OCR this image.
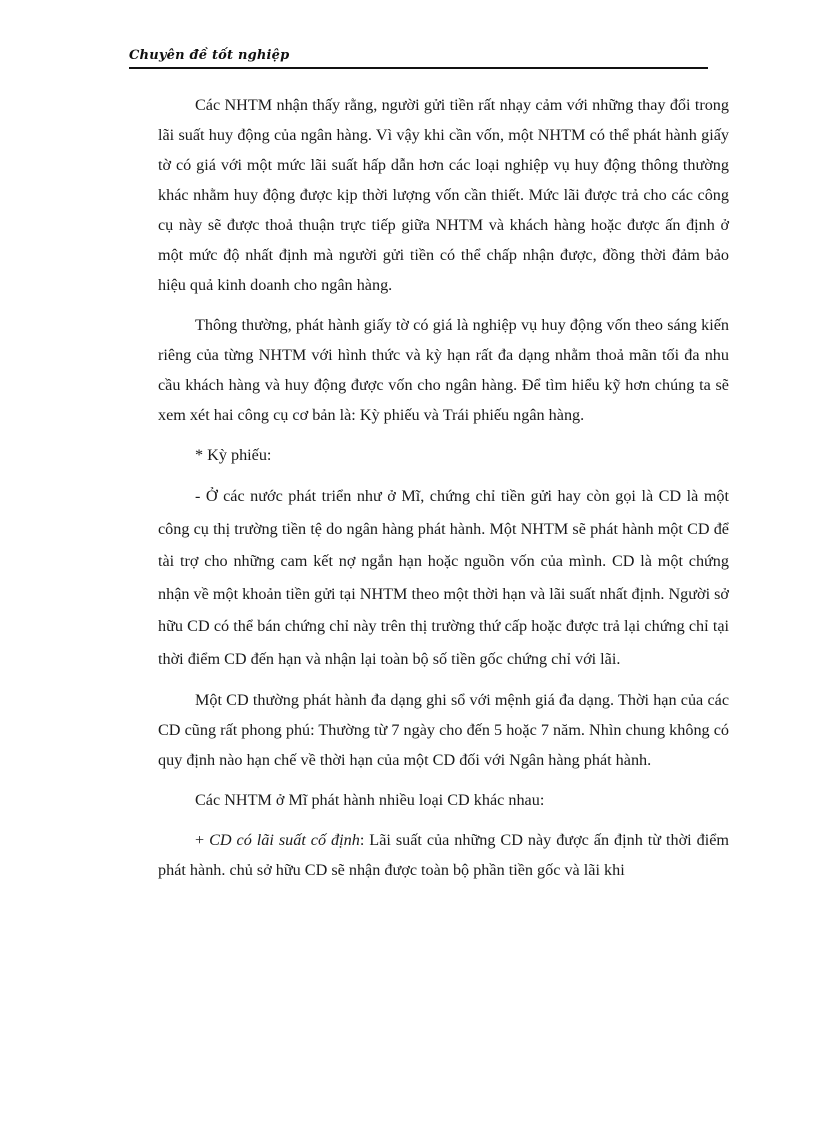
Chuyên đề tốt nghiệp

Các NHTM nhận thấy rằng, người gửi tiền rất nhạy cảm với những thay đổi trong lãi suất huy động của ngân hàng. Vì vậy khi cần vốn, một NHTM có thể phát hành giấy tờ có giá với một mức lãi suất hấp dẫn hơn các loại nghiệp vụ huy động thông thường khác nhằm huy động được kịp thời lượng vốn cần thiết. Mức lãi được trả cho các công cụ này sẽ được thoả thuận trực tiếp giữa NHTM và khách hàng hoặc được ấn định ở một mức độ nhất định mà người gửi tiền có thể chấp nhận được, đồng thời đảm bảo hiệu quả kinh doanh cho ngân hàng.

Thông thường, phát hành giấy tờ có giá là nghiệp vụ huy động vốn theo sáng kiến riêng của từng NHTM với hình thức và kỳ hạn rất đa dạng nhằm thoả mãn tối đa nhu cầu khách hàng và huy động được vốn cho ngân hàng. Để tìm hiểu kỹ hơn chúng ta sẽ xem xét hai công cụ cơ bản là: Kỳ phiếu và Trái phiếu ngân hàng.

* Kỳ phiếu:

- Ở các nước phát triển như ở Mĩ, chứng chỉ tiền gửi hay còn gọi là CD là một công cụ thị trường tiền tệ do ngân hàng phát hành. Một NHTM sẽ phát hành một CD để tài trợ cho những cam kết nợ ngắn hạn hoặc nguồn vốn của mình. CD là một chứng nhận về một khoản tiền gửi tại NHTM theo một thời hạn và lãi suất nhất định. Người sở hữu CD có thể bán chứng chỉ này trên thị trường thứ cấp hoặc được trả lại chứng chỉ tại thời điểm CD đến hạn và nhận lại toàn bộ số tiền gốc chứng chỉ với lãi.

Một CD thường phát hành đa dạng ghi sổ với mệnh giá đa dạng. Thời hạn của các CD cũng rất phong phú: Thường từ 7 ngày cho đến 5 hoặc 7 năm. Nhìn chung không có quy định nào hạn chế về thời hạn của một CD đối với Ngân hàng phát hành.

Các NHTM ở Mĩ phát hành nhiều loại CD khác nhau:

+ CD có lãi suất cố định: Lãi suất của những CD này được ấn định từ thời điểm phát hành. chủ sở hữu CD sẽ nhận được toàn bộ phần tiền gốc và lãi khi
